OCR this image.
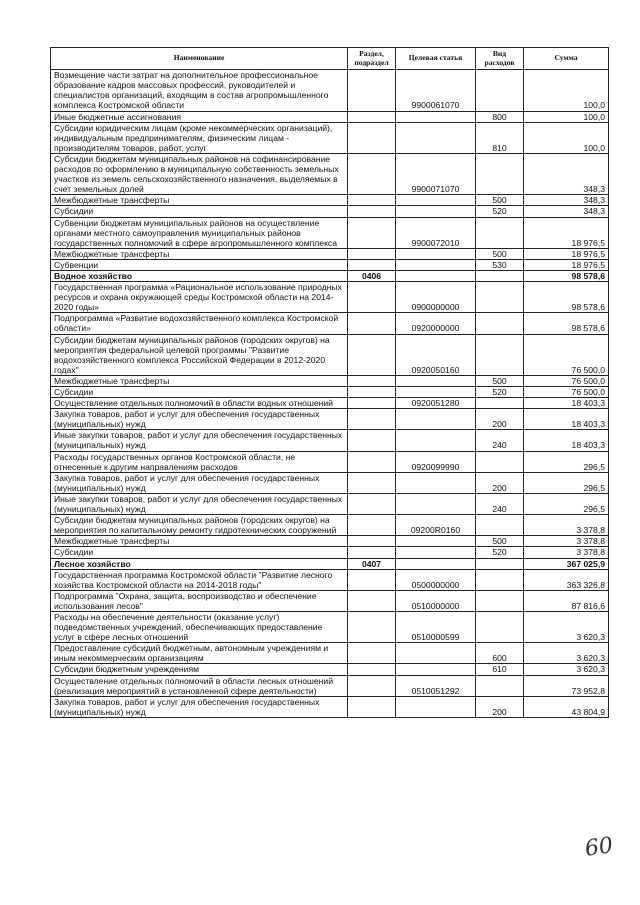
Наименование	Раздел, подраздел	Целевая статья	Вид расходов	Сумма
Возмещение части затрат на дополнительное профессиональное образование кадров массовых профессий, руководителей и специалистов организаций, входящим в состав агропромышленного комплекса Костромской области		9900061070		100,0
Иные бюджетные ассигнования			800	100,0
Субсидии юридическим лицам (кроме некоммерческих организаций), индивидуальным предпринимателям, физическим лицам - производителям товаров, работ, услуг			810	100,0
Субсидии бюджетам муниципальных районов на софинансирование расходов по оформлению в муниципальную собственность земельных участков из земель сельскохозяйственного назначения, выделяемых в счет земельных долей		9900071070		348,3
Межбюджетные трансферты			500	348,3
Субсидии			520	348,3
Субвенции бюджетам муниципальных районов на осуществление органами местного самоуправления муниципальных районов государственных полномочий в сфере агропромышленного комплекса		9900072010		18 976,5
Межбюджетные трансферты			500	18 976,5
Субвенции			530	18 976,5
Водное хозяйство	0406			98 578,6
Государственная программа «Рациональное использование природных ресурсов и охрана окружающей среды Костромской области на 2014-2020 годы»		0900000000		98 578,6
Подпрограмма «Развитие водохозяйственного комплекса Костромской области»		0920000000		98 578,6
Субсидии бюджетам муниципальных районов (городских округов) на мероприятия федеральной целевой программы "Развитие водохозяйственного комплекса Российской Федерации в 2012-2020 годах"		0920050160		76 500,0
Межбюджетные трансферты			500	76 500,0
Субсидии			520	76 500,0
Осуществление отдельных полномочий в области водных отношений		0920051280		18 403,3
Закупка товаров, работ и услуг для обеспечения государственных (муниципальных) нужд			200	18 403,3
Иные закупки товаров, работ и услуг для обеспечения государственных (муниципальных) нужд			240	18 403,3
Расходы государственных органов Костромской области, не отнесенные к другим направлениям расходов		0920099990		296,5
Закупка товаров, работ и услуг для обеспечения государственных (муниципальных) нужд			200	296,5
Иные закупки товаров, работ и услуг для обеспечения государственных (муниципальных) нужд			240	296,5
Субсидии бюджетам муниципальных районов (городских округов) на мероприятия по капитальному ремонту гидротехнических сооружений		09200R0160		3 378,8
Межбюджетные трансферты			500	3 378,8
Субсидии			520	3 378,8
Лесное хозяйство	0407			367 025,9
Государственная программа Костромской области "Развитие лесного хозяйства Костромской области на 2014-2018 годы"		0500000000		363 326,8
Подпрограмма "Охрана, защита, воспроизводство и обеспечение использования лесов"		0510000000		87 816,6
Расходы на обеспечение деятельности (оказание услуг) подведомственных учреждений, обеспечивающих предоставление услуг в сфере лесных отношений		0510000599		3 620,3
Предоставление субсидий бюджетным, автономным учреждениям и иным некоммерческим организациям			600	3 620,3
Субсидии бюджетным учреждениям			610	3 620,3
Осуществление отдельных полномочий в области лесных отношений (реализация мероприятий в установленной сфере деятельности)		0510051292		73 952,8
Закупка товаров, работ и услуг для обеспечения государственных (муниципальных) нужд			200	43 804,9
60
